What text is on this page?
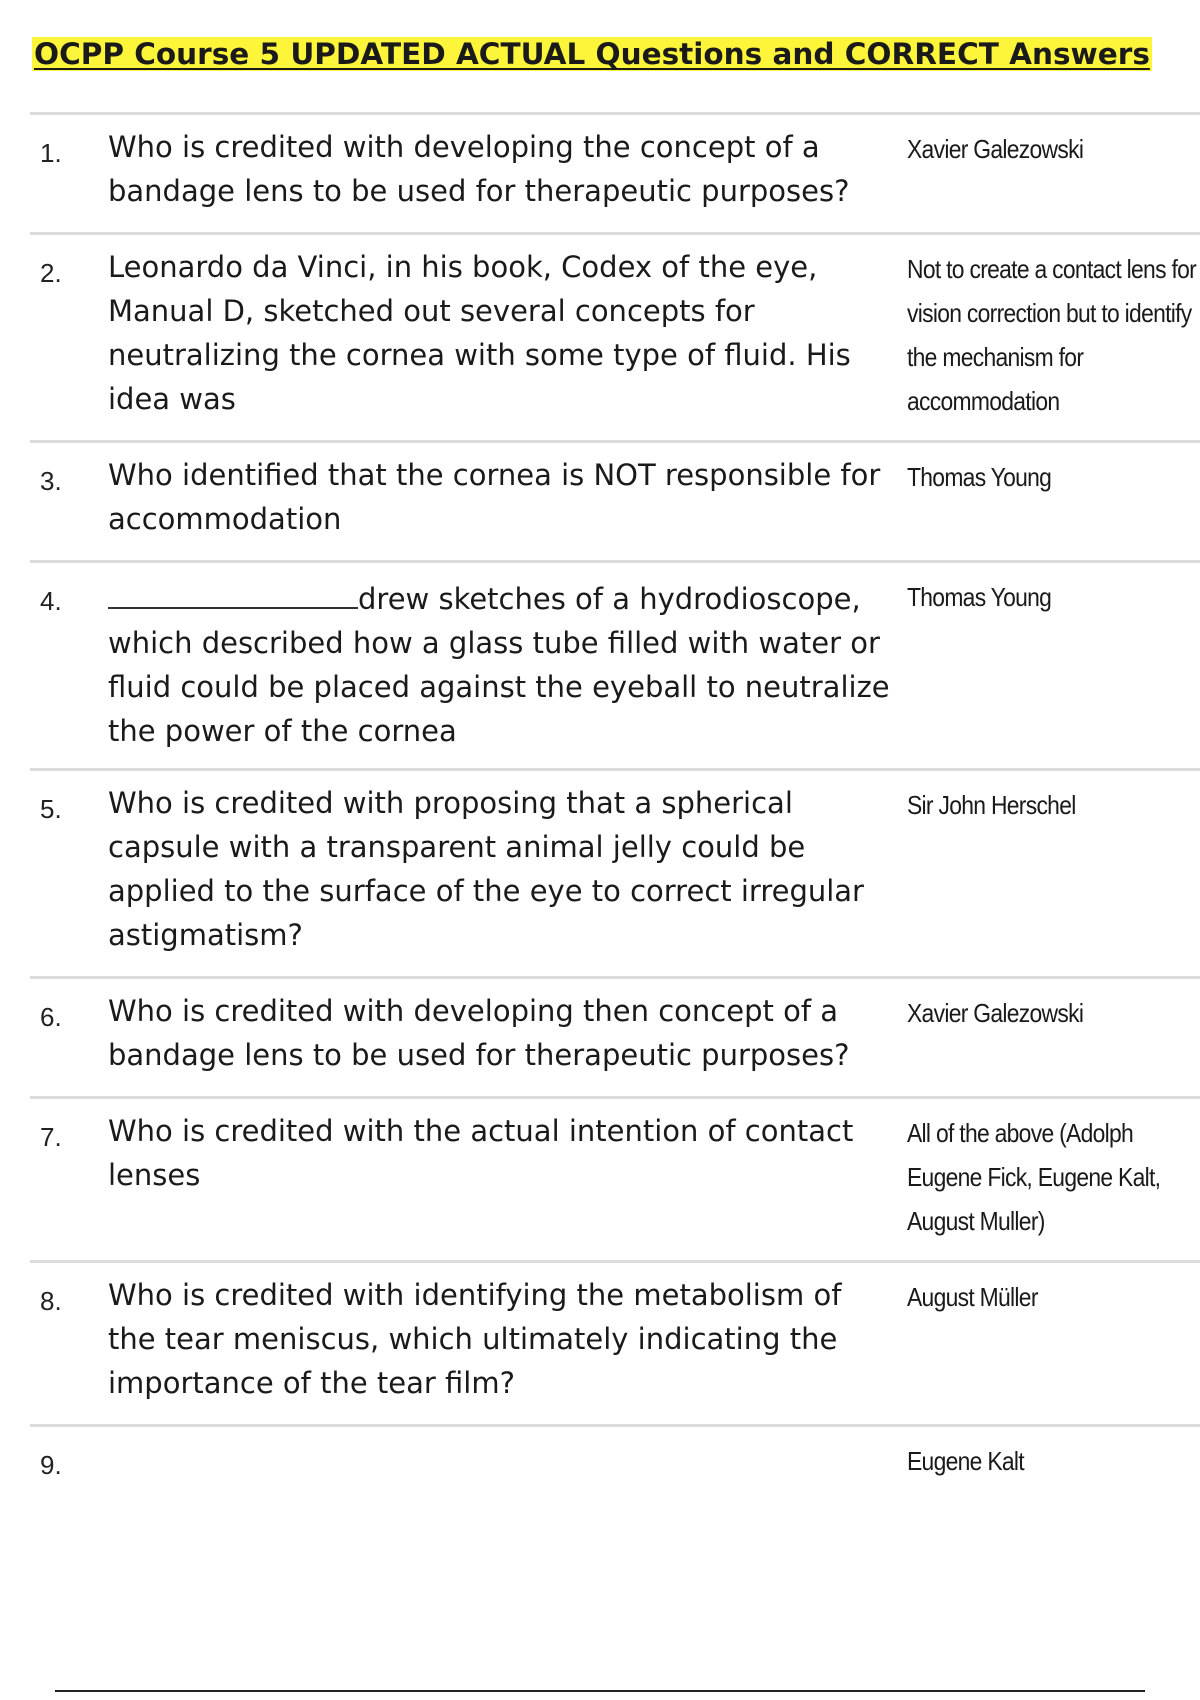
OCPP Course 5 UPDATED ACTUAL Questions and CORRECT Answers
1. Who is credited with developing the concept of a bandage lens to be used for therapeutic purposes?

Xavier Galezowski

2. Leonardo da Vinci, in his book, Codex of the eye, Manual D, sketched out several concepts for neutralizing the cornea with some type of fluid. His idea was

Not to create a contact lens for vision correction but to identify the mechanism for accommodation

3. Who identified that the cornea is NOT responsible for accommodation

Thomas Young

4.	drew sketches of a hydrodioscope, which described how a glass tube filled with water or fluid could be placed against the eyeball to neutralize the power of the cornea

Thomas Young

5. Who is credited with proposing that a spherical capsule with a transparent animal jelly could be applied to the surface of the eye to correct irregular astigmatism?

Sir John Herschel

6. Who is credited with developing then concept of a bandage lens to be used for therapeutic purposes?

Xavier Galezowski

7. Who is credited with the actual intention of contact lenses

All of the above (Adolph Eugene Fick, Eugene Kalt, August Muller)

8. Who is credited with identifying the metabolism of the tear meniscus, which ultimately indicating the importance of the tear film?

August Müller

9.	Eugene Kalt
